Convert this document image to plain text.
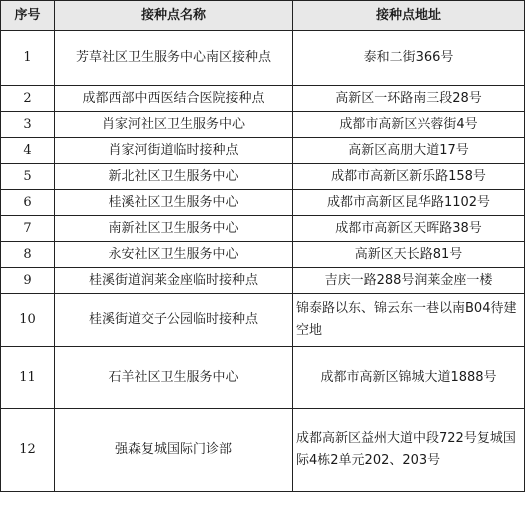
序号	接种点名称	接种点地址
1	芳草社区卫生服务中心南区接种点	泰和二街366号
2	成都西部中西医结合医院接种点	高新区一环路南三段28号
3	肖家河社区卫生服务中心	成都市高新区兴蓉街4号
4	肖家河街道临时接种点	高新区高朋大道17号
5	新北社区卫生服务中心	成都市高新区新乐路158号
6	桂溪社区卫生服务中心	成都市高新区昆华路1102号
7	南新社区卫生服务中心	成都市高新区天晖路38号
8	永安社区卫生服务中心	高新区天长路81号
9	桂溪街道润莱金座临时接种点	吉庆一路288号润莱金座一楼
10	桂溪街道交子公园临时接种点	锦泰路以东、锦云东一巷以南B04待建空地
11	石羊社区卫生服务中心	成都市高新区锦城大道1888号
12	强森复城国际门诊部	成都高新区益州大道中段722号复城国际4栋2单元202、203号
